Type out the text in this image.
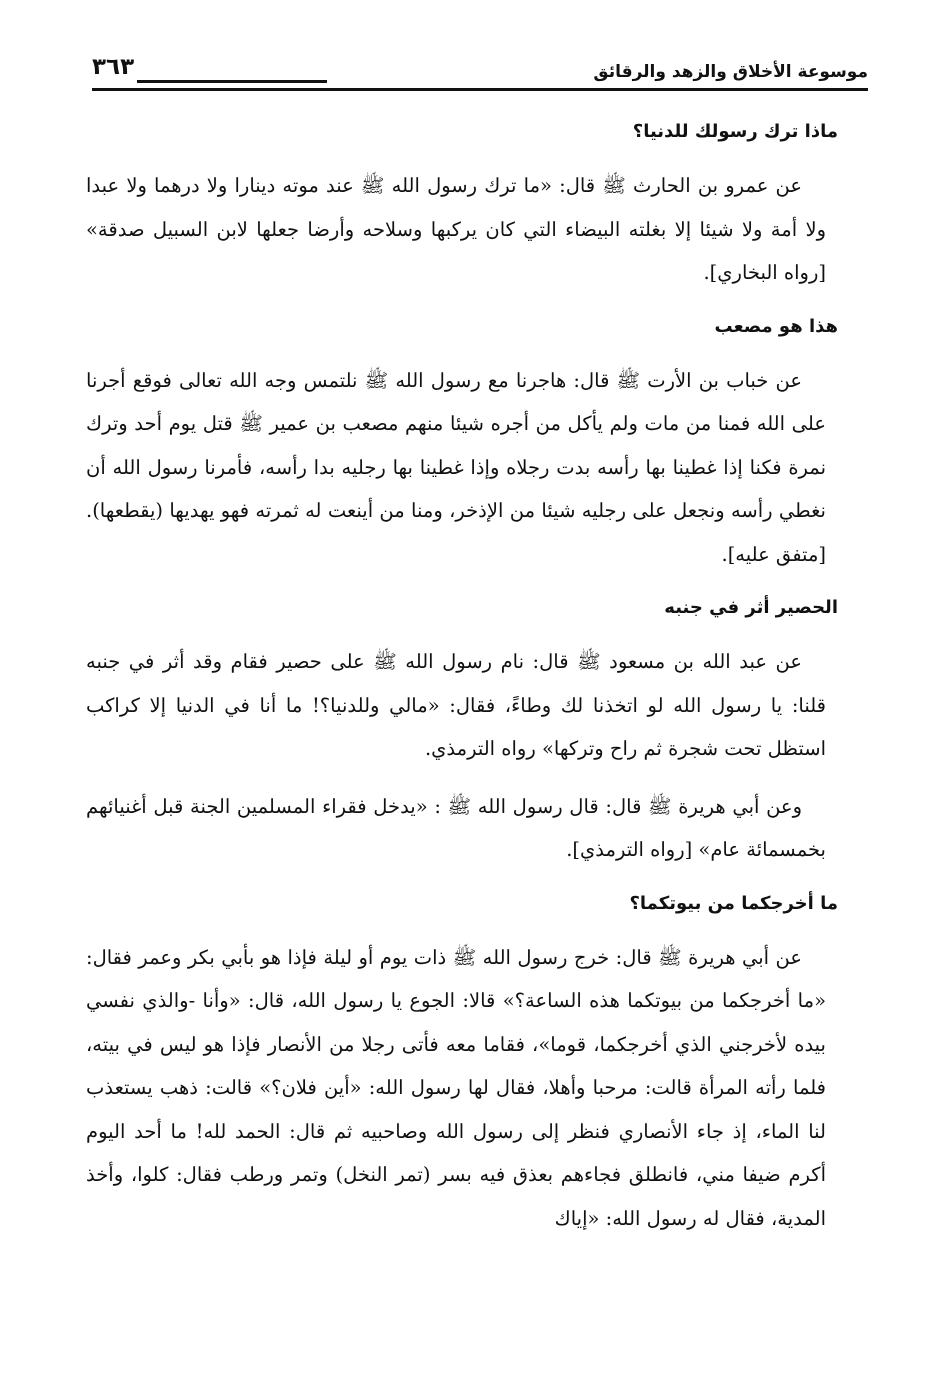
موسوعة الأخلاق والزهد والرقائق
٣٦٣
ماذا ترك رسولك للدنيا؟

عن عمرو بن الحارث ﷺ قال: «ما ترك رسول الله ﷺ عند موته دينارا ولا درهما ولا عبدا ولا أمة ولا شيئا إلا بغلته البيضاء التي كان يركبها وسلاحه وأرضا جعلها لابن السبيل صدقة» [رواه البخاري].

هذا هو مصعب

عن خباب بن الأرت ﷺ قال: هاجرنا مع رسول الله ﷺ نلتمس وجه الله تعالى فوقع أجرنا على الله فمنا من مات ولم يأكل من أجره شيئا منهم مصعب بن عمير ﷺ قتل يوم أحد وترك نمرة فكنا إذا غطينا بها رأسه بدت رجلاه وإذا غطينا بها رجليه بدا رأسه، فأمرنا رسول الله أن نغطي رأسه ونجعل على رجليه شيئا من الإذخر، ومنا من أينعت له ثمرته فهو يهديها (يقطعها). [متفق عليه].

الحصير أثر في جنبه

عن عبد الله بن مسعود ﷺ قال: نام رسول الله ﷺ على حصير فقام وقد أثر في جنبه قلنا: يا رسول الله لو اتخذنا لك وطاءً، فقال: «مالي وللدنيا؟! ما أنا في الدنيا إلا كراكب استظل تحت شجرة ثم راح وتركها» رواه الترمذي.

وعن أبي هريرة ﷺ قال: قال رسول الله ﷺ : «يدخل فقراء المسلمين الجنة قبل أغنيائهم بخمسمائة عام» [رواه الترمذي].

ما أخرجكما من بيوتكما؟

عن أبي هريرة ﷺ قال: خرج رسول الله ﷺ ذات يوم أو ليلة فإذا هو بأبي بكر وعمر فقال: «ما أخرجكما من بيوتكما هذه الساعة؟» قالا: الجوع يا رسول الله، قال: «وأنا -والذي نفسي بيده لأخرجني الذي أخرجكما، قوما»، فقاما معه فأتى رجلا من الأنصار فإذا هو ليس في بيته، فلما رأته المرأة قالت: مرحبا وأهلا، فقال لها رسول الله: «أين فلان؟» قالت: ذهب يستعذب لنا الماء، إذ جاء الأنصاري فنظر إلى رسول الله وصاحبيه ثم قال: الحمد لله! ما أحد اليوم أكرم ضيفا مني، فانطلق فجاءهم بعذق فيه بسر (تمر النخل) وتمر ورطب فقال: كلوا، وأخذ المدية، فقال له رسول الله: «إياك
